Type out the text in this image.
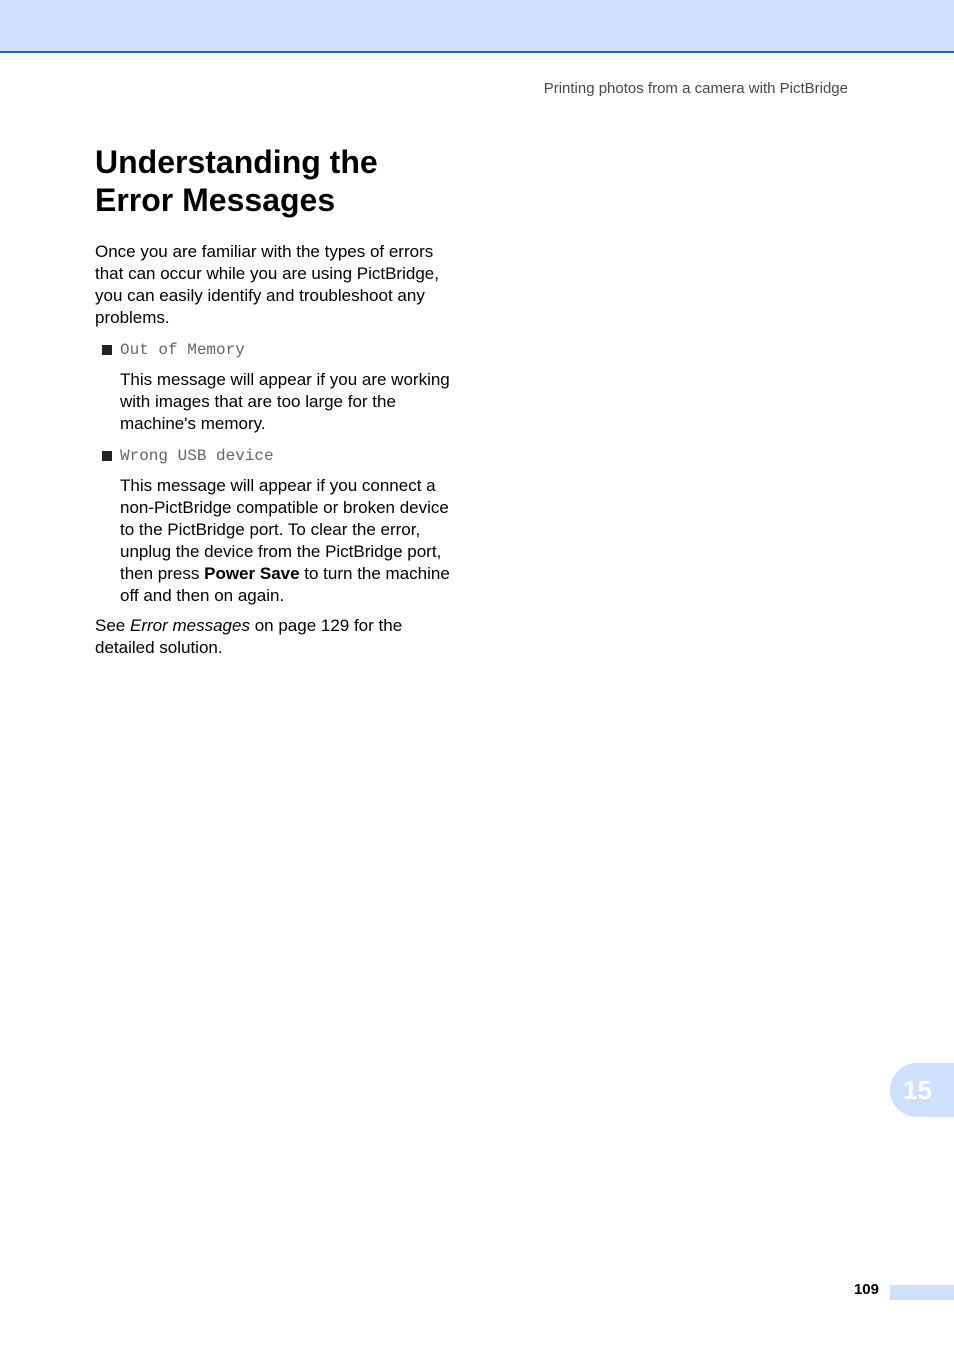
Printing photos from a camera with PictBridge
Understanding the
Error Messages

Once you are familiar with the types of errors that can occur while you are using PictBridge, you can easily identify and troubleshoot any problems.

Out of Memory

This message will appear if you are working with images that are too large for the machine's memory.

Wrong USB device

This message will appear if you connect a non-PictBridge compatible or broken device to the PictBridge port. To clear the error, unplug the device from the PictBridge port, then press Power Save to turn the machine off and then on again.

See Error messages on page 129 for the detailed solution.

15
109
